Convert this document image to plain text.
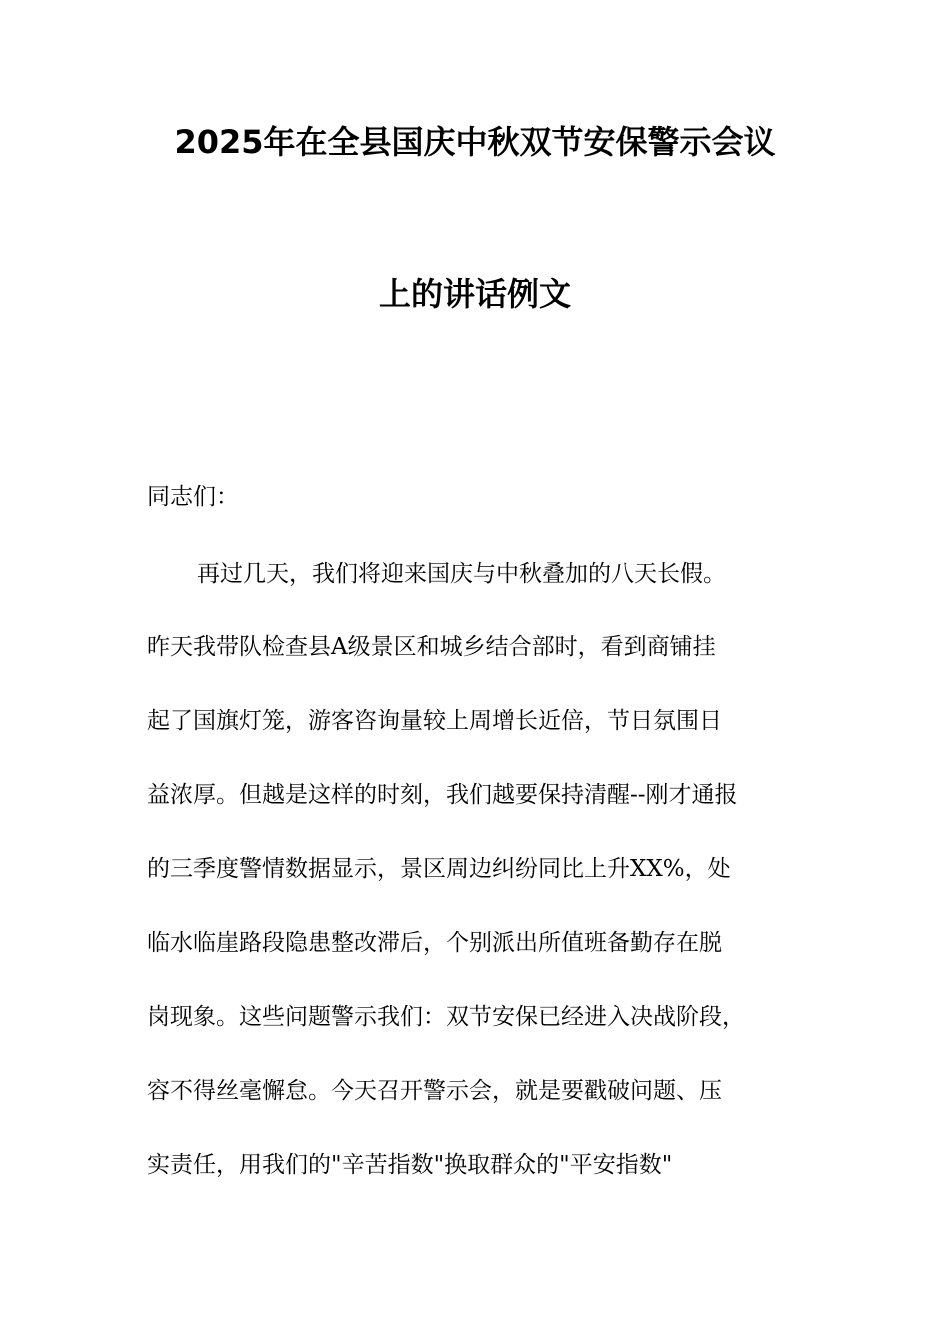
2025年在全县国庆中秋双节安保警示会议
上的讲话例文
同志们：
再过几天，我们将迎来国庆与中秋叠加的八天长假。
昨天我带队检查县A级景区和城乡结合部时，看到商铺挂
起了国旗灯笼，游客咨询量较上周增长近倍，节日氛围日
益浓厚。但越是这样的时刻，我们越要保持清醒--刚才通报
的三季度警情数据显示，景区周边纠纷同比上升XX%，处
临水临崖路段隐患整改滞后，个别派出所值班备勤存在脱
岗现象。这些问题警示我们：双节安保已经进入决战阶段，
容不得丝毫懈怠。今天召开警示会，就是要戳破问题、压
实责任，用我们的"辛苦指数"换取群众的"平安指数"
